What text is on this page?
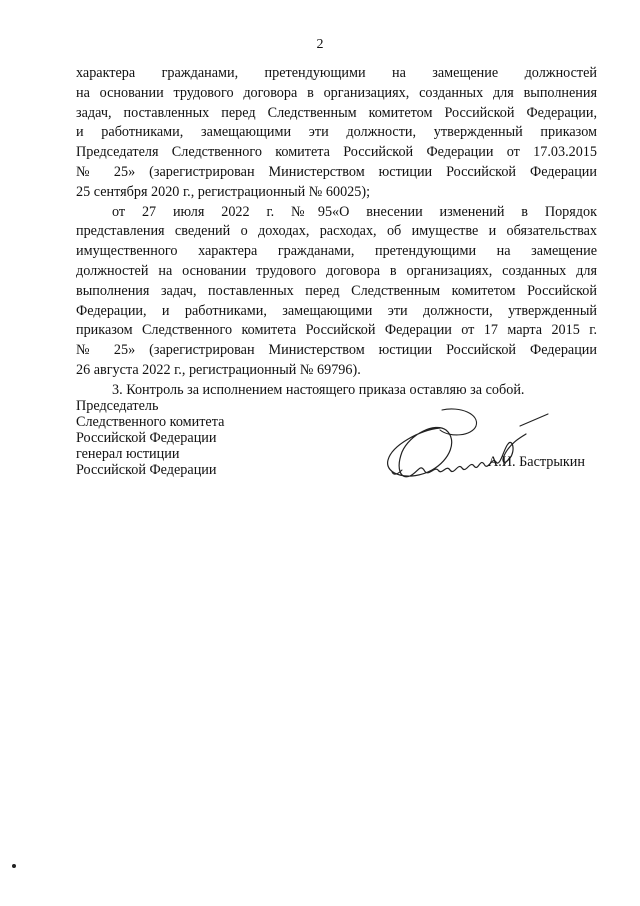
2
характера гражданами, претендующими на замещение должностей
на основании трудового договора в организациях, созданных для выполнения
задач, поставленных перед Следственным комитетом Российской Федерации,
и работниками, замещающими эти должности, утвержденный приказом
Председателя Следственного комитета Российской Федерации от 17.03.2015
№ 25» (зарегистрирован Министерством юстиции Российской Федерации
25 сентября 2020 г., регистрационный № 60025);
от 27 июля 2022 г. №95«О внесении изменений в Порядок
представления сведений о доходах, расходах, об имуществе и обязательствах
имущественного характера гражданами, претендующими на замещение
должностей на основании трудового договора в организациях, созданных для
выполнения задач, поставленных перед Следственным комитетом Российской
Федерации, и работниками, замещающими эти должности, утвержденный
приказом Следственного комитета Российской Федерации от 17 марта 2015 г.
№ 25» (зарегистрирован Министерством юстиции Российской Федерации
26 августа 2022 г., регистрационный № 69796).
3. Контроль за исполнением настоящего приказа оставляю за собой.
Председатель
Следственного комитета
Российской Федерации
генерал юстиции
Российской Федерации	А.И. Бастрыкин
